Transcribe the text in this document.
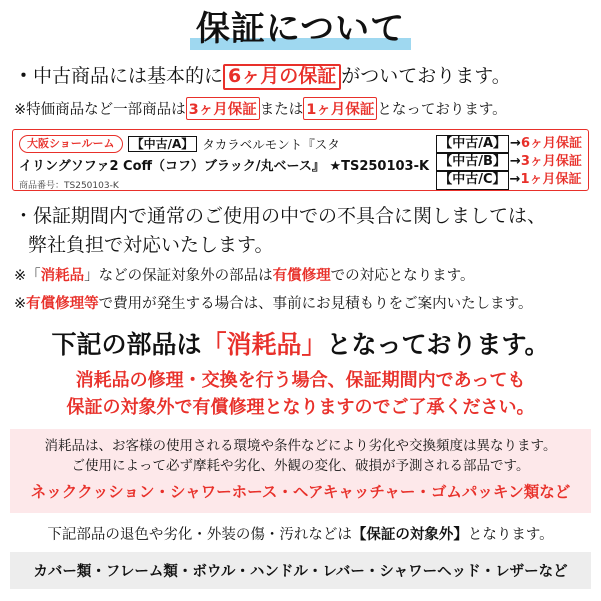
保証について
・中古商品には基本的に 6ヶ月の保証 がついております。
※特価商品など一部商品は 3ヶ月保証 または 1ヶ月保証 となっております。
大阪ショールーム	【中古/A】 タカラベルモント『スタ
イリングソファ2 Coff（コフ）ブラック/丸ベース』 ★TS250103-K
商品番号：TS250103-K
【中古/A】 →6ヶ月保証
【中古/B】 →3ヶ月保証
【中古/C】 →1ヶ月保証
・保証期間内で通常のご使用の中での不具合に関しましては、
弊社負担で対応いたします。
※「消耗品」などの保証対象外の部品は有償修理での対応となります。
※有償修理等で費用が発生する場合は、事前にお見積もりをご案内いたします。
下記の部品は「消耗品」となっております。
消耗品の修理・交換を行う場合、保証期間内であっても
保証の対象外で有償修理となりますのでご了承ください。

消耗品は、お客様の使用される環境や条件などにより劣化や交換頻度は異なります。

ご使用によって必ず摩耗や劣化、外観の変化、破損が予測される部品です。

ネッククッション・シャワーホース・ヘアキャッチャー・ゴムパッキン類など

下記部品の退色や劣化・外装の傷・汚れなどは【保証の対象外】となります。
カバー類・フレーム類・ボウル・ハンドル・レバー・シャワーヘッド・レザーなど
